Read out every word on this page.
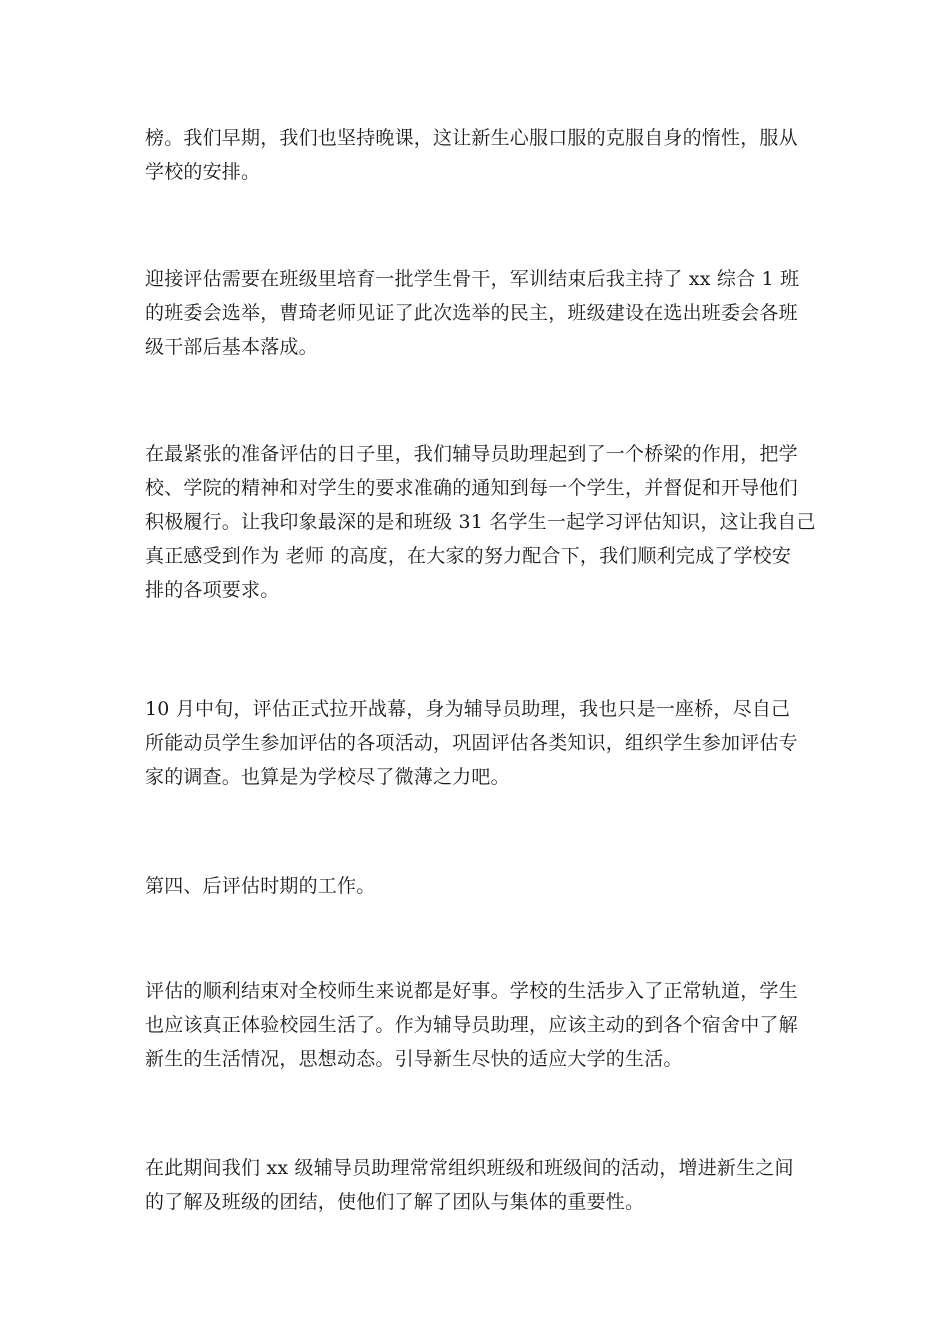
榜。我们早期，我们也坚持晚课，这让新生心服口服的克服自身的惰性，服从
学校的安排。
迎接评估需要在班级里培育一批学生骨干，军训结束后我主持了 xx 综合 1 班
的班委会选举，曹琦老师见证了此次选举的民主，班级建设在选出班委会各班
级干部后基本落成。
在最紧张的准备评估的日子里，我们辅导员助理起到了一个桥梁的作用，把学
校、学院的精神和对学生的要求准确的通知到每一个学生，并督促和开导他们
积极履行。让我印象最深的是和班级 31 名学生一起学习评估知识，这让我自己
真正感受到作为 老师 的高度，在大家的努力配合下，我们顺利完成了学校安
排的各项要求。
10 月中旬，评估正式拉开战幕，身为辅导员助理，我也只是一座桥，尽自己
所能动员学生参加评估的各项活动，巩固评估各类知识，组织学生参加评估专
家的调查。也算是为学校尽了微薄之力吧。
第四、后评估时期的工作。
评估的顺利结束对全校师生来说都是好事。学校的生活步入了正常轨道，学生
也应该真正体验校园生活了。作为辅导员助理，应该主动的到各个宿舍中了解
新生的生活情况，思想动态。引导新生尽快的适应大学的生活。
在此期间我们 xx 级辅导员助理常常组织班级和班级间的活动，增进新生之间
的了解及班级的团结，使他们了解了团队与集体的重要性。
